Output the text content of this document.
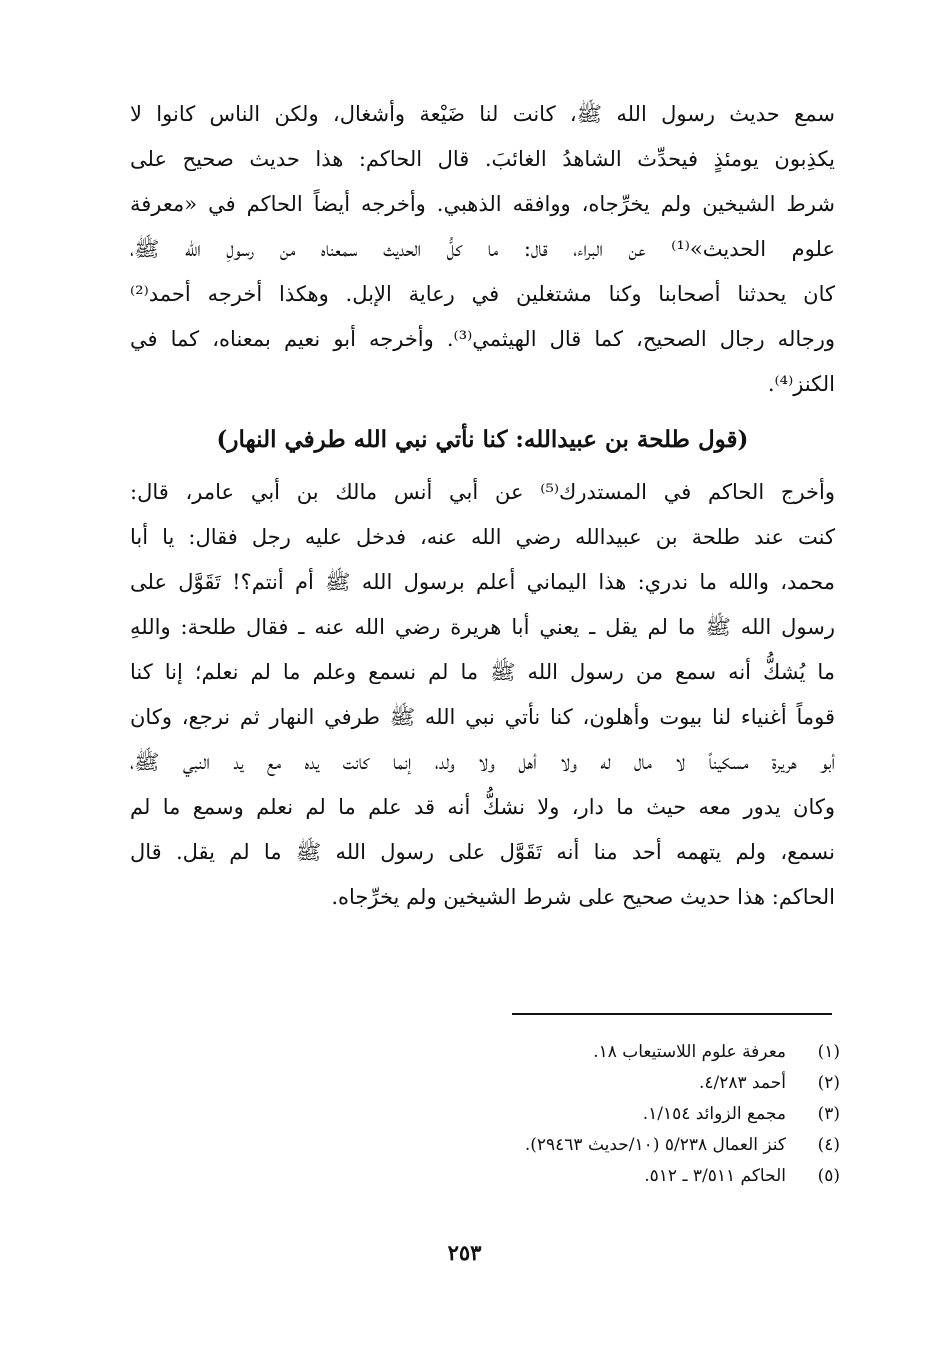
سمع حديث رسول الله ﷺ، كانت لنا ضَيْعة وأشغال، ولكن الناس كانوا لا
يكذِبون يومئذٍ فيحدِّث الشاهدُ الغائبَ. قال الحاكم: هذا حديث صحيح على
شرط الشيخين ولم يخرِّجاه، ووافقه الذهبي. وأخرجه أيضاً الحاكم في «معرفة
علوم الحديث»⁽¹⁾ عن البراء، قال: ما كلُّ الحديث سمعناه من رسولِ الله ﷺ،
كان يحدثنا أصحابنا وكنا مشتغلين في رعاية الإبل. وهكذا أخرجه أحمد⁽²⁾
ورجاله رجال الصحيح، كما قال الهيثمي⁽³⁾. وأخرجه أبو نعيم بمعناه، كما في
الكنز⁽⁴⁾.
(قول طلحة بن عبيدالله: كنا نأتي نبي الله طرفي النهار)
وأخرج الحاكم في المستدرك⁽⁵⁾ عن أبي أنس مالك بن أبي عامر، قال:
كنت عند طلحة بن عبيدالله رضي الله عنه، فدخل عليه رجل فقال: يا أبا
محمد، والله ما ندري: هذا اليماني أعلم برسول الله ﷺ أم أنتم؟! تَقَوَّل على
رسول الله ﷺ ما لم يقل ـ يعني أبا هريرة رضي الله عنه ـ فقال طلحة: واللهِ
ما يُشكُّ أنه سمع من رسول الله ﷺ ما لم نسمع وعلم ما لم نعلم؛ إنا كنا
قوماً أغنياء لنا بيوت وأهلون، كنا نأتي نبي الله ﷺ طرفي النهار ثم نرجع، وكان
أبو هريرة مسكيناً لا مال له ولا أهل ولا ولد، إنما كانت يده مع يد النبي ﷺ،
وكان يدور معه حيث ما دار، ولا نشكُّ أنه قد علم ما لم نعلم وسمع ما لم
نسمع، ولم يتهمه أحد منا أنه تَقَوَّل على رسول الله ﷺ ما لم يقل. قال
الحاكم: هذا حديث صحيح على شرط الشيخين ولم يخرِّجاه.
(١)معرفة علوم اللاستيعاب ١٨.
(٢)أحمد ٤/٢٨٣.
(٣)مجمع الزوائد ١/١٥٤.
(٤)كنز العمال ٥/٢٣٨ (١٠/حديث ٢٩٤٦٣).
(٥)الحاكم ٣/٥١١ ـ ٥١٢.
٢٥٣
